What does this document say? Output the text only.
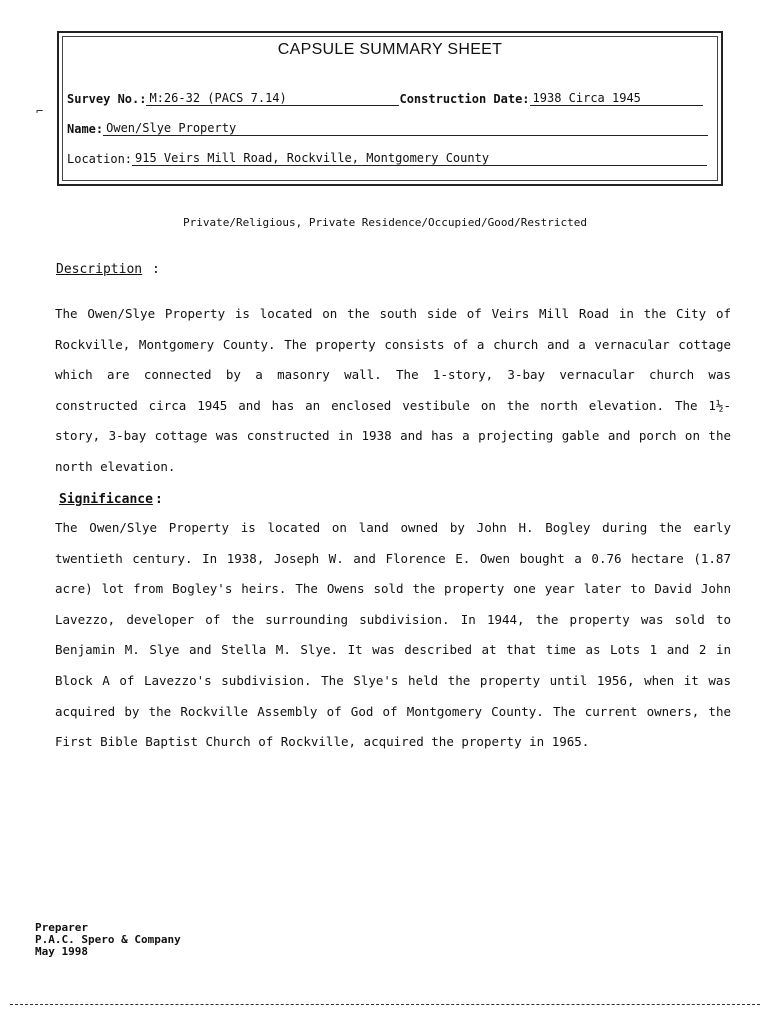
CAPSULE SUMMARY SHEET
Survey No.: M:26-32 (PACS 7.14)	Construction Date: 1938 Circa 1945
Name: Owen/Slye Property
Location: 915 Veirs Mill Road, Rockville, Montgomery County
⌐
Private/Religious, Private Residence/Occupied/Good/Restricted
Description :

The Owen/Slye Property is located on the south side of Veirs Mill Road in the City of Rockville, Montgomery County. The property consists of a church and a vernacular cottage which are connected by a masonry wall. The 1-story, 3-bay vernacular church was constructed circa 1945 and has an enclosed vestibule on the north elevation. The 1½-story, 3-bay cottage was constructed in 1938 and has a projecting gable and porch on the north elevation.

Significance :

The Owen/Slye Property is located on land owned by John H. Bogley during the early twentieth century. In 1938, Joseph W. and Florence E. Owen bought a 0.76 hectare (1.87 acre) lot from Bogley's heirs. The Owens sold the property one year later to David John Lavezzo, developer of the surrounding subdivision. In 1944, the property was sold to Benjamin M. Slye and Stella M. Slye. It was described at that time as Lots 1 and 2 in Block A of Lavezzo's subdivision. The Slye's held the property until 1956, when it was acquired by the Rockville Assembly of God of Montgomery County. The current owners, the First Bible Baptist Church of Rockville, acquired the property in 1965.

Preparer
P.A.C. Spero & Company
May 1998
